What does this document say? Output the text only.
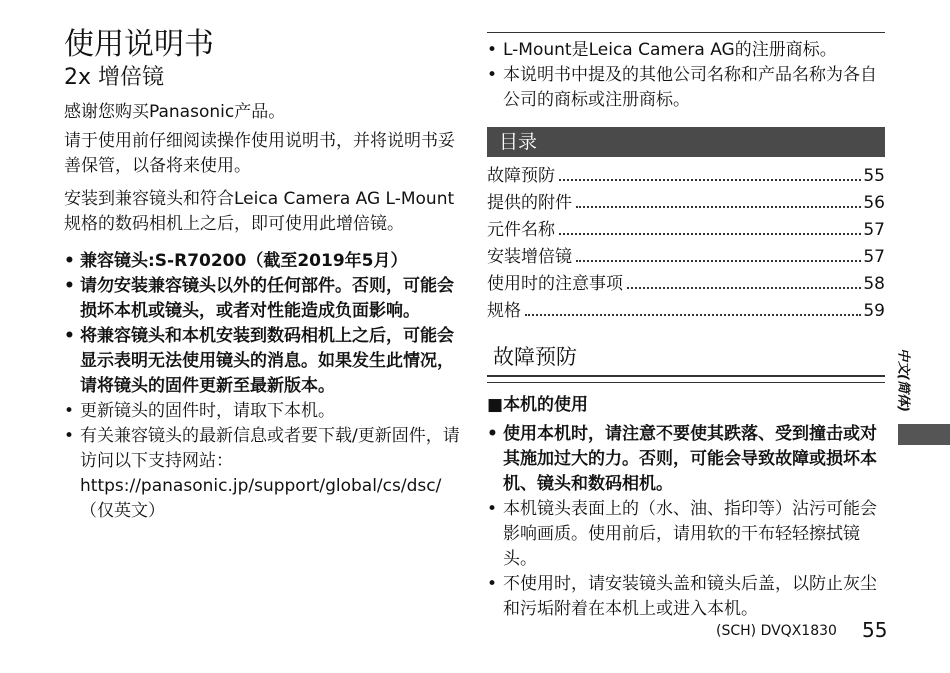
使用说明书
2x 增倍镜

感谢您购买Panasonic产品。

请于使用前仔细阅读操作使用说明书，并将说明书妥善保管，以备将来使用。

安装到兼容镜头和符合Leica Camera AG L-Mount规格的数码相机上之后，即可使用此增倍镜。

• 兼容镜头:S-R70200（截至2019年5月）
• 请勿安装兼容镜头以外的任何部件。否则，可能会损坏本机或镜头，或者对性能造成负面影响。
• 将兼容镜头和本机安装到数码相机上之后，可能会显示表明无法使用镜头的消息。如果发生此情况，请将镜头的固件更新至最新版本。
• 更新镜头的固件时，请取下本机。
• 有关兼容镜头的最新信息或者要下载/更新固件，请访问以下支持网站：
https://panasonic.jp/support/global/cs/dsc/
（仅英文）
• L-Mount是Leica Camera AG的注册商标。
• 本说明书中提及的其他公司名称和产品名称为各自公司的商标或注册商标。
目录
故障预防	55
提供的附件	56
元件名称	57
安装增倍镜	57
使用时的注意事项	58
规格	59
故障预防
■本机的使用
• 使用本机时，请注意不要使其跌落、受到撞击或对其施加过大的力。否则，可能会导致故障或损坏本机、镜头和数码相机。
• 本机镜头表面上的（水、油、指印等）沾污可能会影响画质。使用前后，请用软的干布轻轻擦拭镜头。
• 不使用时，请安装镜头盖和镜头后盖，以防止灰尘和污垢附着在本机上或进入本机。
中文(简体)
(SCH) DVQX1830 55
